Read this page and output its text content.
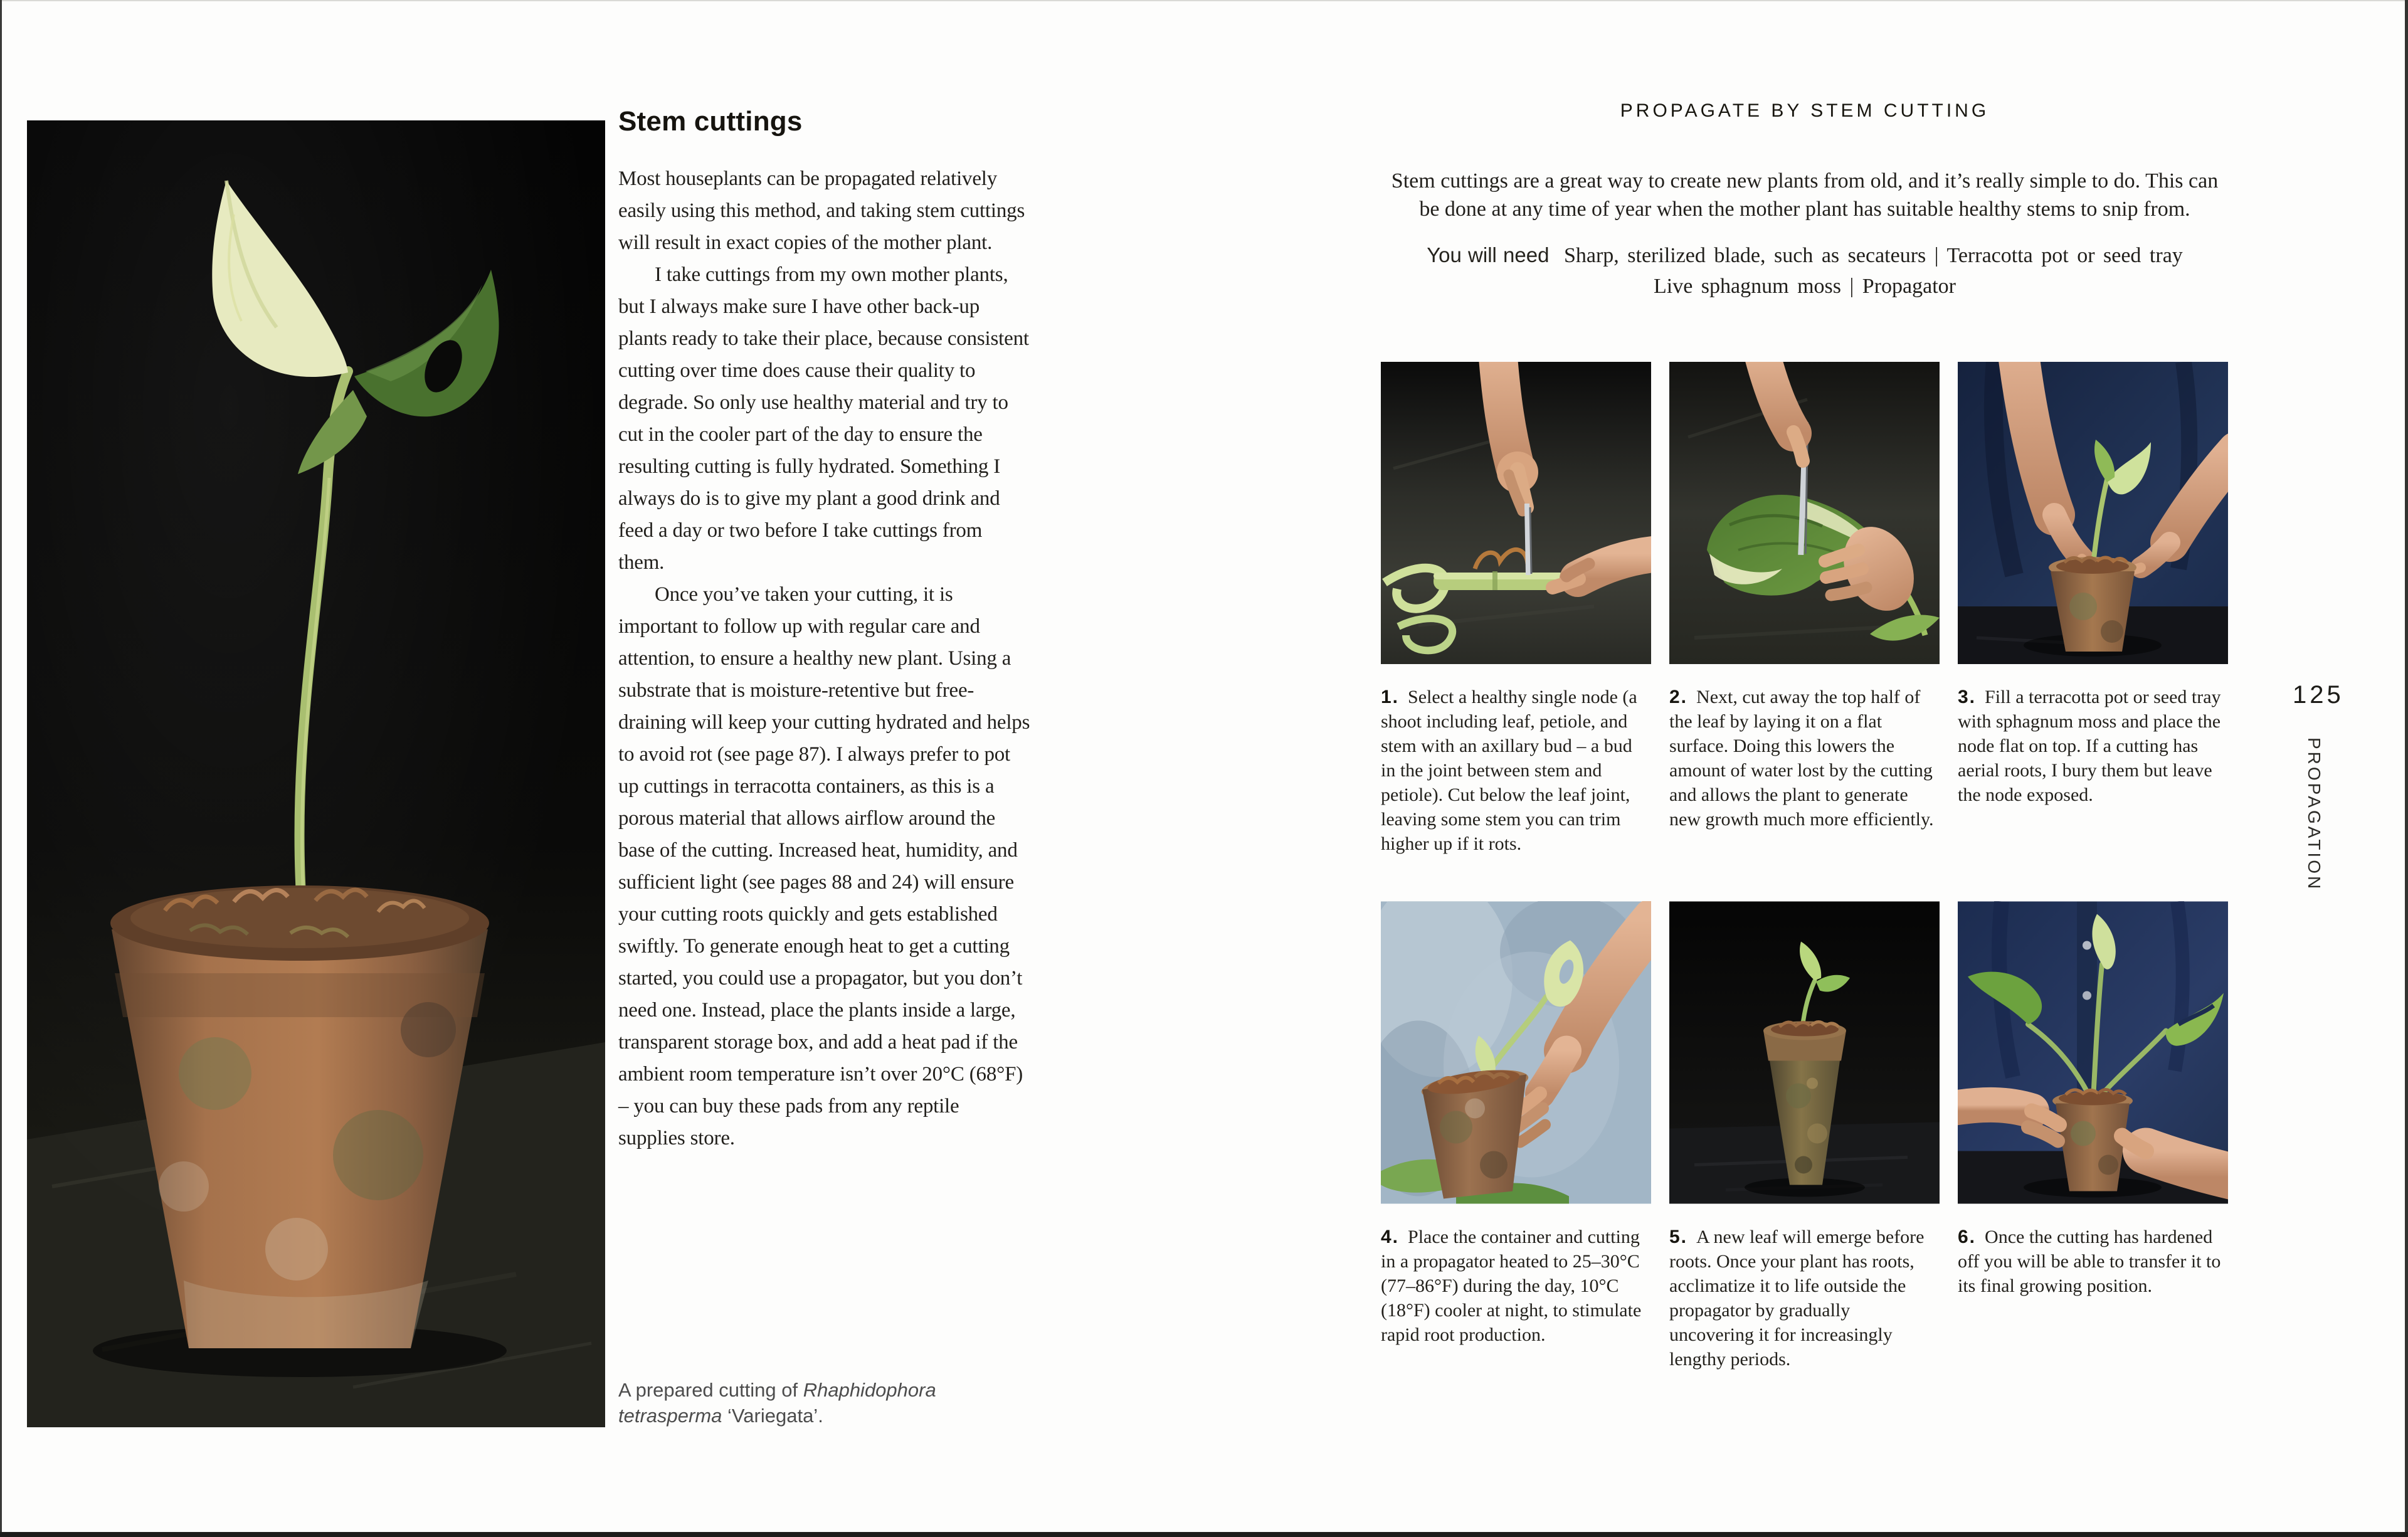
Stem cuttings

Most houseplants can be propagated relatively easily using this method, and taking stem cuttings will result in exact copies of the mother plant.

I take cuttings from my own mother plants, but I always make sure I have other back-up plants ready to take their place, because consistent cutting over time does cause their quality to degrade. So only use healthy material and try to cut in the cooler part of the day to ensure the resulting cutting is fully hydrated. Something I always do is to give my plant a good drink and feed a day or two before I take cuttings from them.

Once you’ve taken your cutting, it is important to follow up with regular care and attention, to ensure a healthy new plant. Using a substrate that is moisture-retentive but free-draining will keep your cutting hydrated and helps to avoid rot (see page 87). I always prefer to pot up cuttings in terracotta containers, as this is a porous material that allows airflow around the base of the cutting. Increased heat, humidity, and sufficient light (see pages 88 and 24) will ensure your cutting roots quickly and gets established swiftly. To generate enough heat to get a cutting started, you could use a propagator, but you don’t need one. Instead, place the plants inside a large, transparent storage box, and add a heat pad if the ambient room temperature isn’t over 20°C (68°F) – you can buy these pads from any reptile supplies store.

A prepared cutting of Rhaphidophora tetrasperma ‘Variegata’.
PROPAGATE BY STEM CUTTING

Stem cuttings are a great way to create new plants from old, and it’s really simple to do. This can be done at any time of year when the mother plant has suitable healthy stems to snip from.

You will need Sharp, sterilized blade, such as secateurs | Terracotta pot or seed tray
Live sphagnum moss | Propagator

1. Select a healthy single node (a shoot including leaf, petiole, and stem with an axillary bud – a bud in the joint between stem and petiole). Cut below the leaf joint, leaving some stem you can trim higher up if it rots.
2. Next, cut away the top half of the leaf by laying it on a flat surface. Doing this lowers the amount of water lost by the cutting and allows the plant to generate new growth much more efficiently.
3. Fill a terracotta pot or seed tray with sphagnum moss and place the node flat on top. If a cutting has aerial roots, I bury them but leave the node exposed.
4. Place the container and cutting in a propagator heated to 25–30°C (77–86°F) during the day, 10°C (18°F) cooler at night, to stimulate rapid root production.
5. A new leaf will emerge before roots. Once your plant has roots, acclimatize it to life outside the propagator by gradually uncovering it for increasingly lengthy periods.
6. Once the cutting has hardened off you will be able to transfer it to its final growing position.
125
PROPAGATION
